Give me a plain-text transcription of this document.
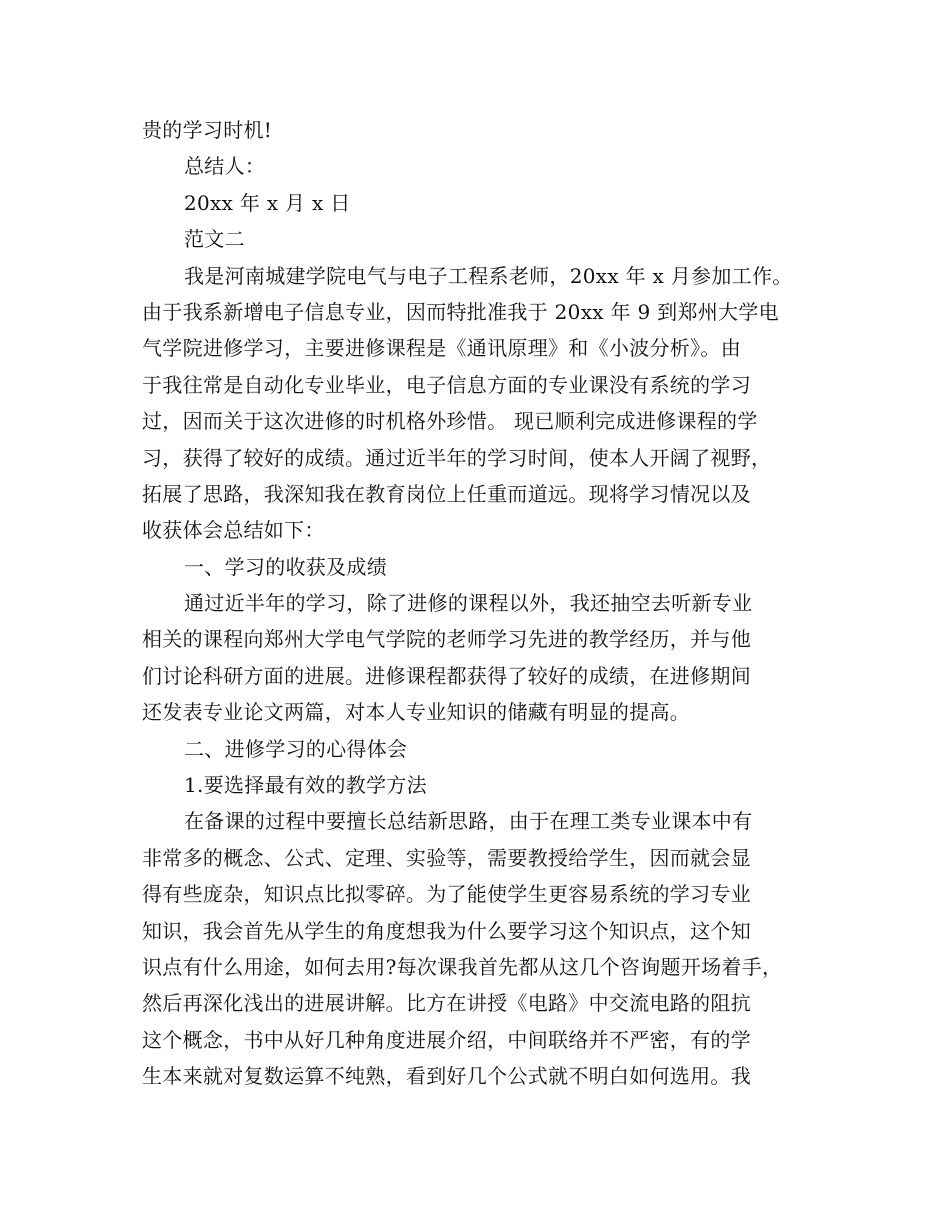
贵的学习时机!
总结人：
20xx 年 x 月 x 日
范文二
我是河南城建学院电气与电子工程系老师，20xx 年 x 月参加工作。
由于我系新增电子信息专业，因而特批准我于 20xx 年 9 到郑州大学电
气学院进修学习，主要进修课程是《通讯原理》和《小波分析》。由
于我往常是自动化专业毕业，电子信息方面的专业课没有系统的学习
过，因而关于这次进修的时机格外珍惜。 现已顺利完成进修课程的学
习，获得了较好的成绩。通过近半年的学习时间，使本人开阔了视野，
拓展了思路，我深知我在教育岗位上任重而道远。现将学习情况以及
收获体会总结如下：
一、学习的收获及成绩
通过近半年的学习，除了进修的课程以外，我还抽空去听新专业
相关的课程向郑州大学电气学院的老师学习先进的教学经历，并与他
们讨论科研方面的进展。进修课程都获得了较好的成绩，在进修期间
还发表专业论文两篇，对本人专业知识的储藏有明显的提高。
二、进修学习的心得体会
1.要选择最有效的教学方法
在备课的过程中要擅长总结新思路，由于在理工类专业课本中有
非常多的概念、公式、定理、实验等，需要教授给学生，因而就会显
得有些庞杂，知识点比拟零碎。为了能使学生更容易系统的学习专业
知识，我会首先从学生的角度想我为什么要学习这个知识点，这个知
识点有什么用途，如何去用?每次课我首先都从这几个咨询题开场着手，
然后再深化浅出的进展讲解。比方在讲授《电路》中交流电路的阻抗
这个概念，书中从好几种角度进展介绍，中间联络并不严密，有的学
生本来就对复数运算不纯熟，看到好几个公式就不明白如何选用。我
